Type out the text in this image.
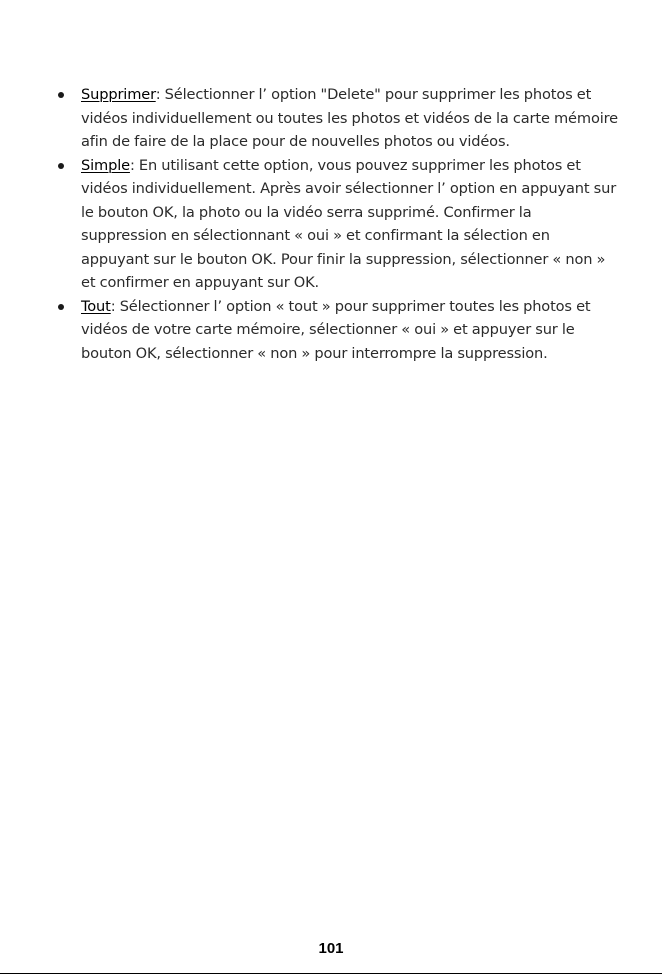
Supprimer: Sélectionner l’ option "Delete" pour supprimer les photos et vidéos individuellement ou toutes les photos et vidéos de la carte mémoire afin de faire de la place pour de nouvelles photos ou vidéos.
Simple: En utilisant cette option, vous pouvez supprimer les photos et vidéos individuellement. Après avoir sélectionner l’ option en appuyant sur le bouton OK, la photo ou la vidéo serra supprimé. Confirmer la suppression en sélectionnant « oui » et confirmant la sélection en appuyant sur le bouton OK. Pour finir la suppression, sélectionner « non » et confirmer en appuyant sur OK.
Tout: Sélectionner l’ option « tout » pour supprimer toutes les photos et vidéos de votre carte mémoire, sélectionner « oui » et appuyer sur le bouton OK, sélectionner « non » pour interrompre la suppression.
101
